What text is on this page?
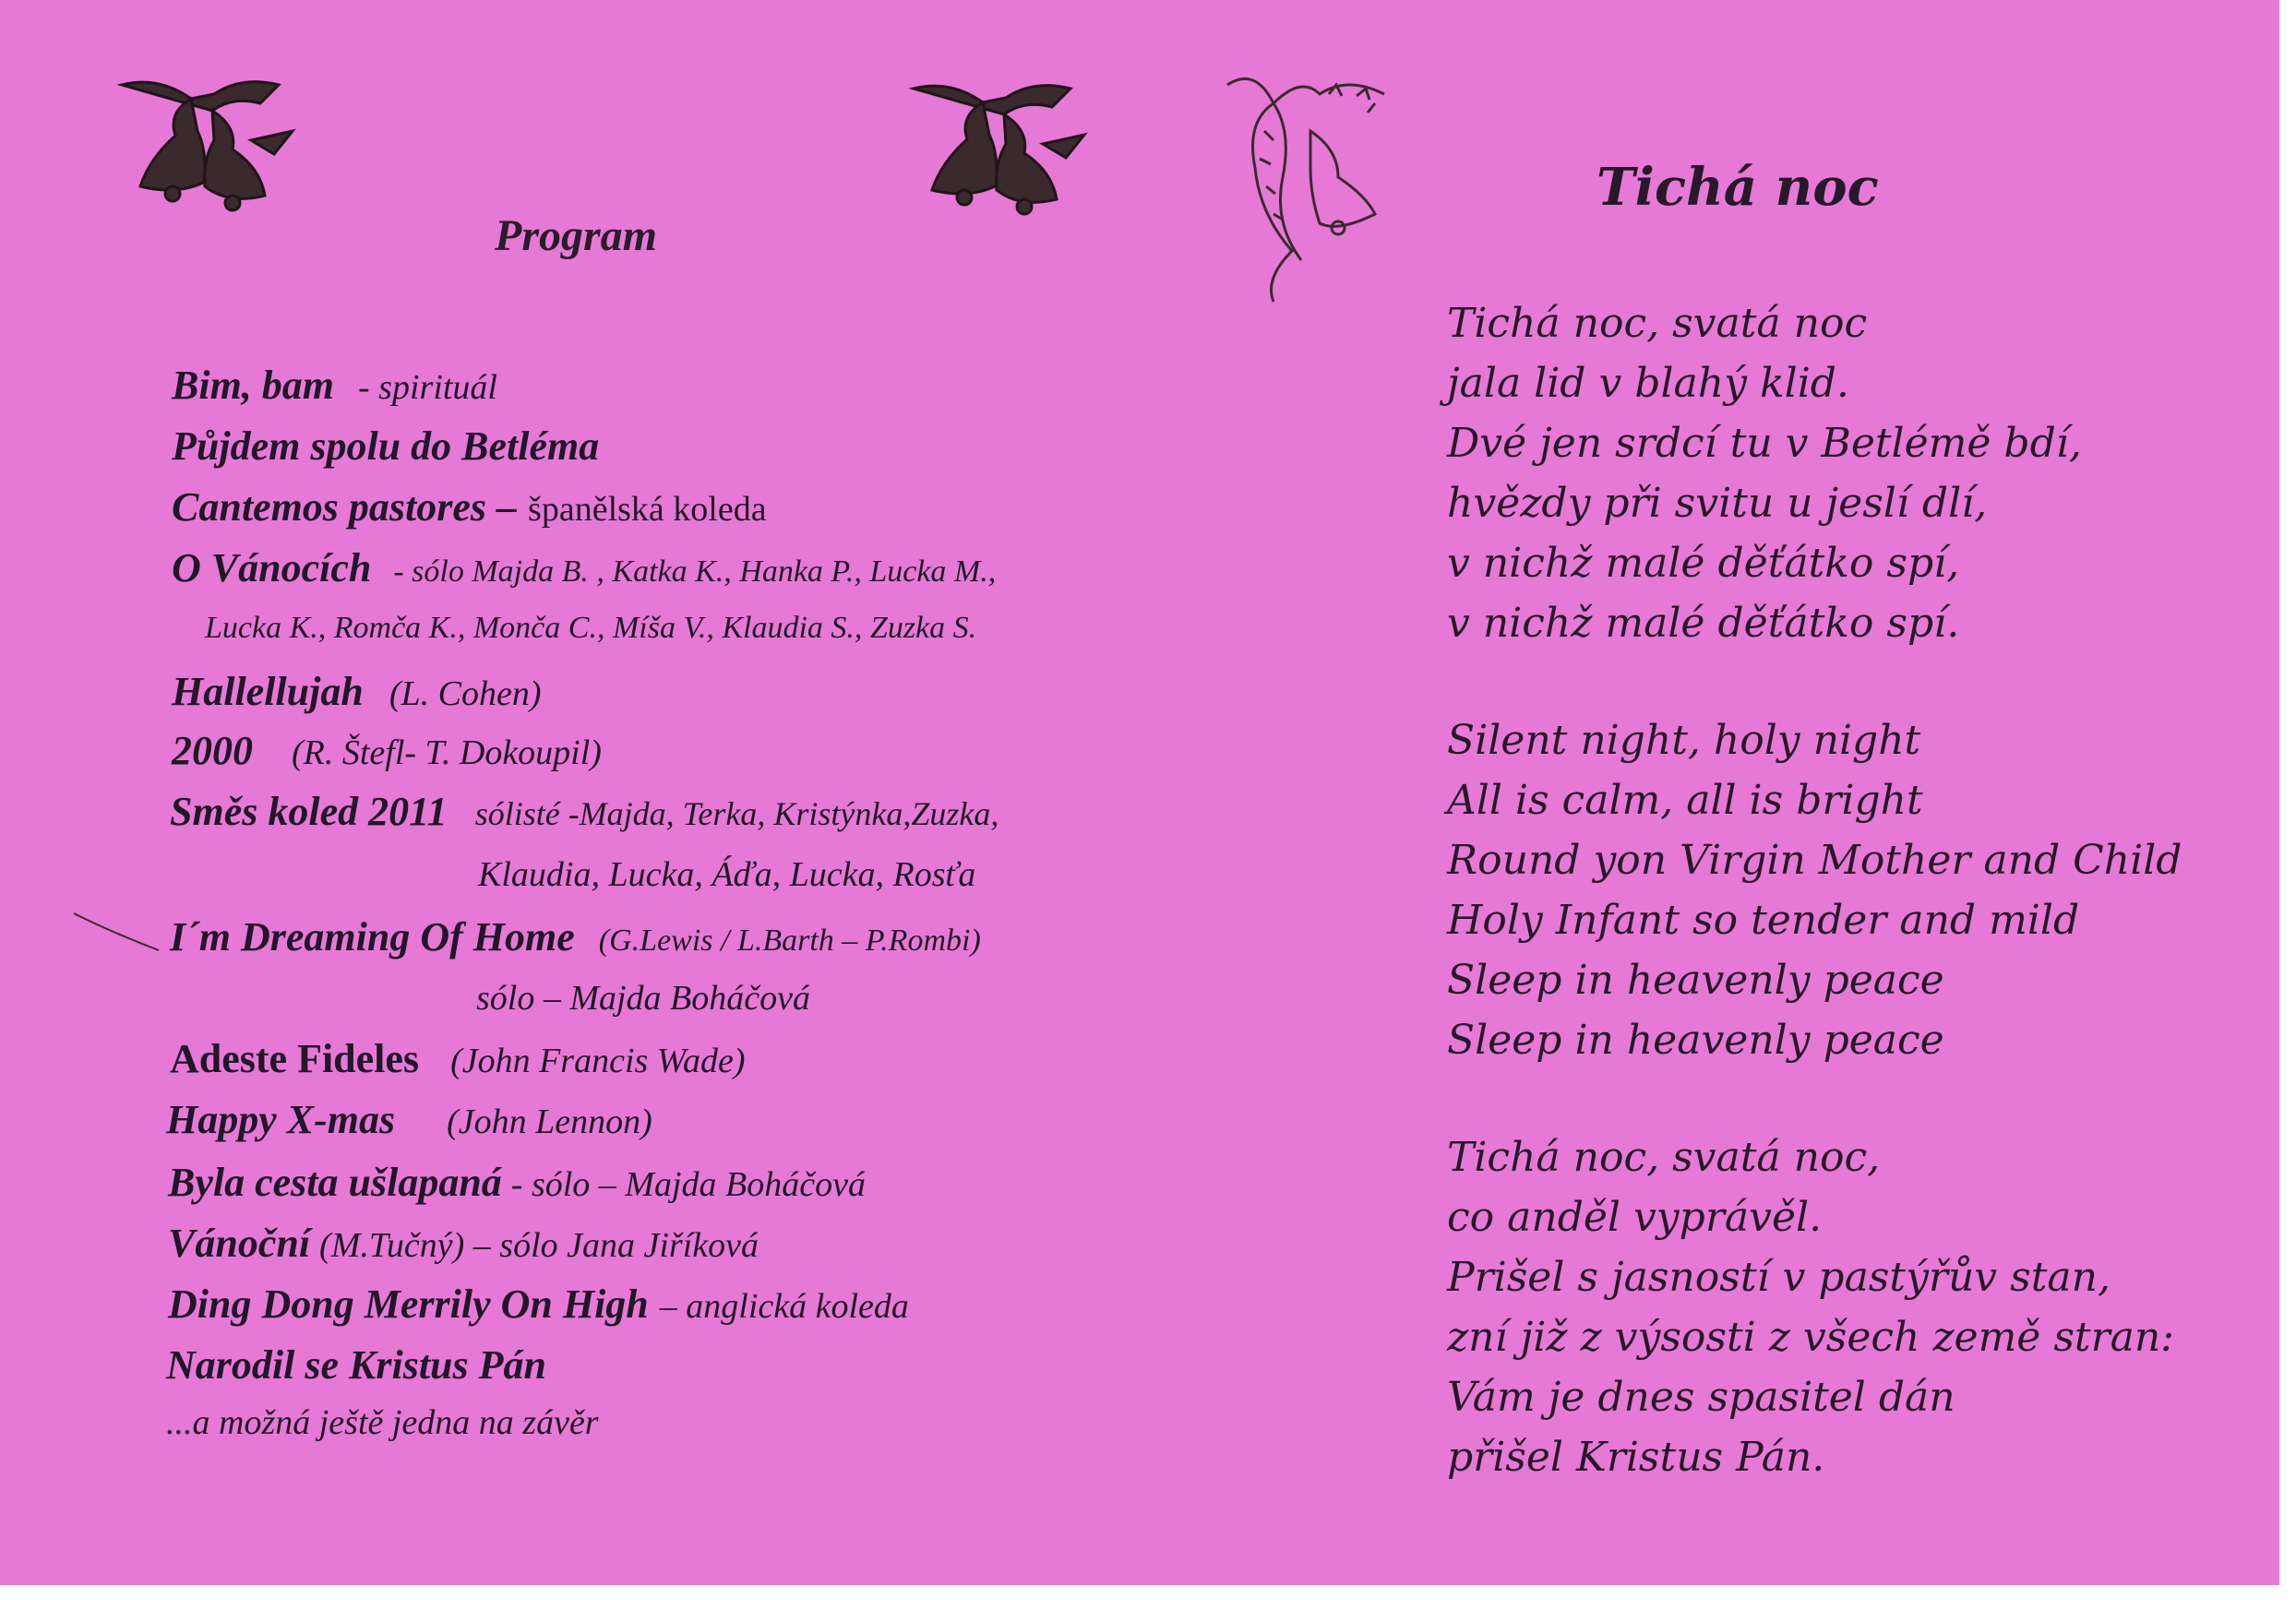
Program
Bim, bam - spirituál
Půjdem spolu do Betléma
Cantemos pastores – španělská koleda
O Vánocích - sólo Majda B. , Katka K., Hanka P., Lucka M.,
Lucka K., Romča K., Monča C., Míša V., Klaudia S., Zuzka S.
Hallellujah (L. Cohen)
2000 (R. Štefl- T. Dokoupil)
Směs koled 2011 sólisté -Majda, Terka, Kristýnka,Zuzka,
Klaudia, Lucka, Áďa, Lucka, Rosťa
I´m Dreaming Of Home (G.Lewis / L.Barth – P.Rombi)
sólo – Majda Boháčová
Adeste Fideles (John Francis Wade)
Happy X-mas (John Lennon)
Byla cesta ušlapaná - sólo – Majda Boháčová
Vánoční (M.Tučný) – sólo Jana Jiříková
Ding Dong Merrily On High – anglická koleda
Narodil se Kristus Pán
...a možná ještě jedna na závěr
Tichá noc
Tichá noc, svatá noc
jala lid v blahý klid.
Dvé jen srdcí tu v Betlémě bdí,
hvězdy při svitu u jeslí dlí,
v nichž malé děťátko spí,
v nichž malé děťátko spí.
Silent night, holy night
All is calm, all is bright
Round yon Virgin Mother and Child
Holy Infant so tender and mild
Sleep in heavenly peace
Sleep in heavenly peace
Tichá noc, svatá noc,
co anděl vyprávěl.
Prišel s jasností v pastýřův stan,
zní již z výsosti z všech země stran:
Vám je dnes spasitel dán
přišel Kristus Pán.
